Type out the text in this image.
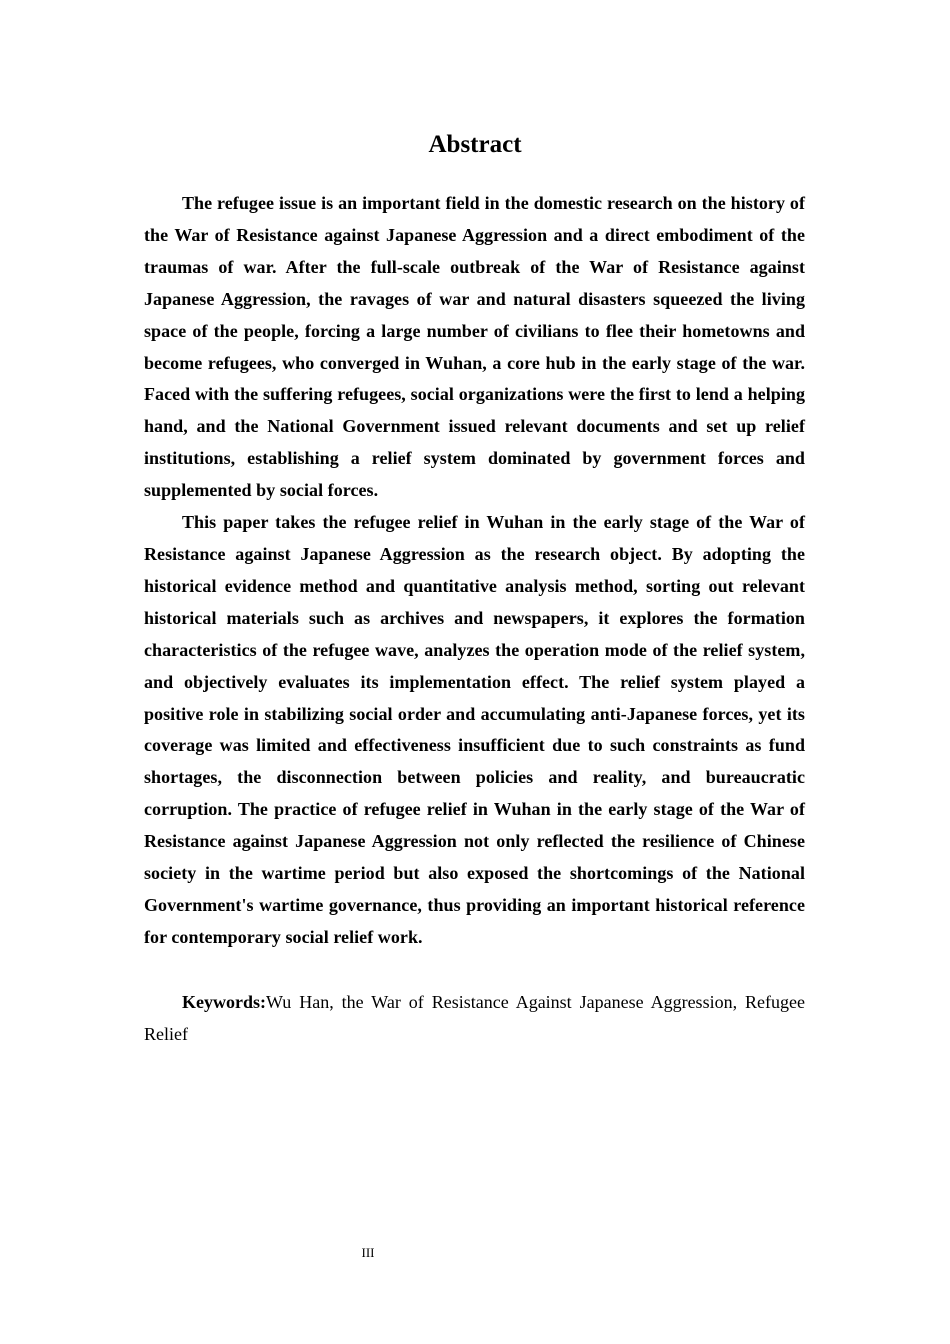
Abstract

The refugee issue is an important field in the domestic research on the history of the War of Resistance against Japanese Aggression and a direct embodiment of the traumas of war. After the full-scale outbreak of the War of Resistance against Japanese Aggression, the ravages of war and natural disasters squeezed the living space of the people, forcing a large number of civilians to flee their hometowns and become refugees, who converged in Wuhan, a core hub in the early stage of the war. Faced with the suffering refugees, social organizations were the first to lend a helping hand, and the National Government issued relevant documents and set up relief institutions, establishing a relief system dominated by government forces and supplemented by social forces.

This paper takes the refugee relief in Wuhan in the early stage of the War of Resistance against Japanese Aggression as the research object. By adopting the historical evidence method and quantitative analysis method, sorting out relevant historical materials such as archives and newspapers, it explores the formation characteristics of the refugee wave, analyzes the operation mode of the relief system, and objectively evaluates its implementation effect. The relief system played a positive role in stabilizing social order and accumulating anti-Japanese forces, yet its coverage was limited and effectiveness insufficient due to such constraints as fund shortages, the disconnection between policies and reality, and bureaucratic corruption. The practice of refugee relief in Wuhan in the early stage of the War of Resistance against Japanese Aggression not only reflected the resilience of Chinese society in the wartime period but also exposed the shortcomings of the National Government's wartime governance, thus providing an important historical reference for contemporary social relief work.

Keywords:Wu Han, the War of Resistance Against Japanese Aggression, Refugee Relief

III
